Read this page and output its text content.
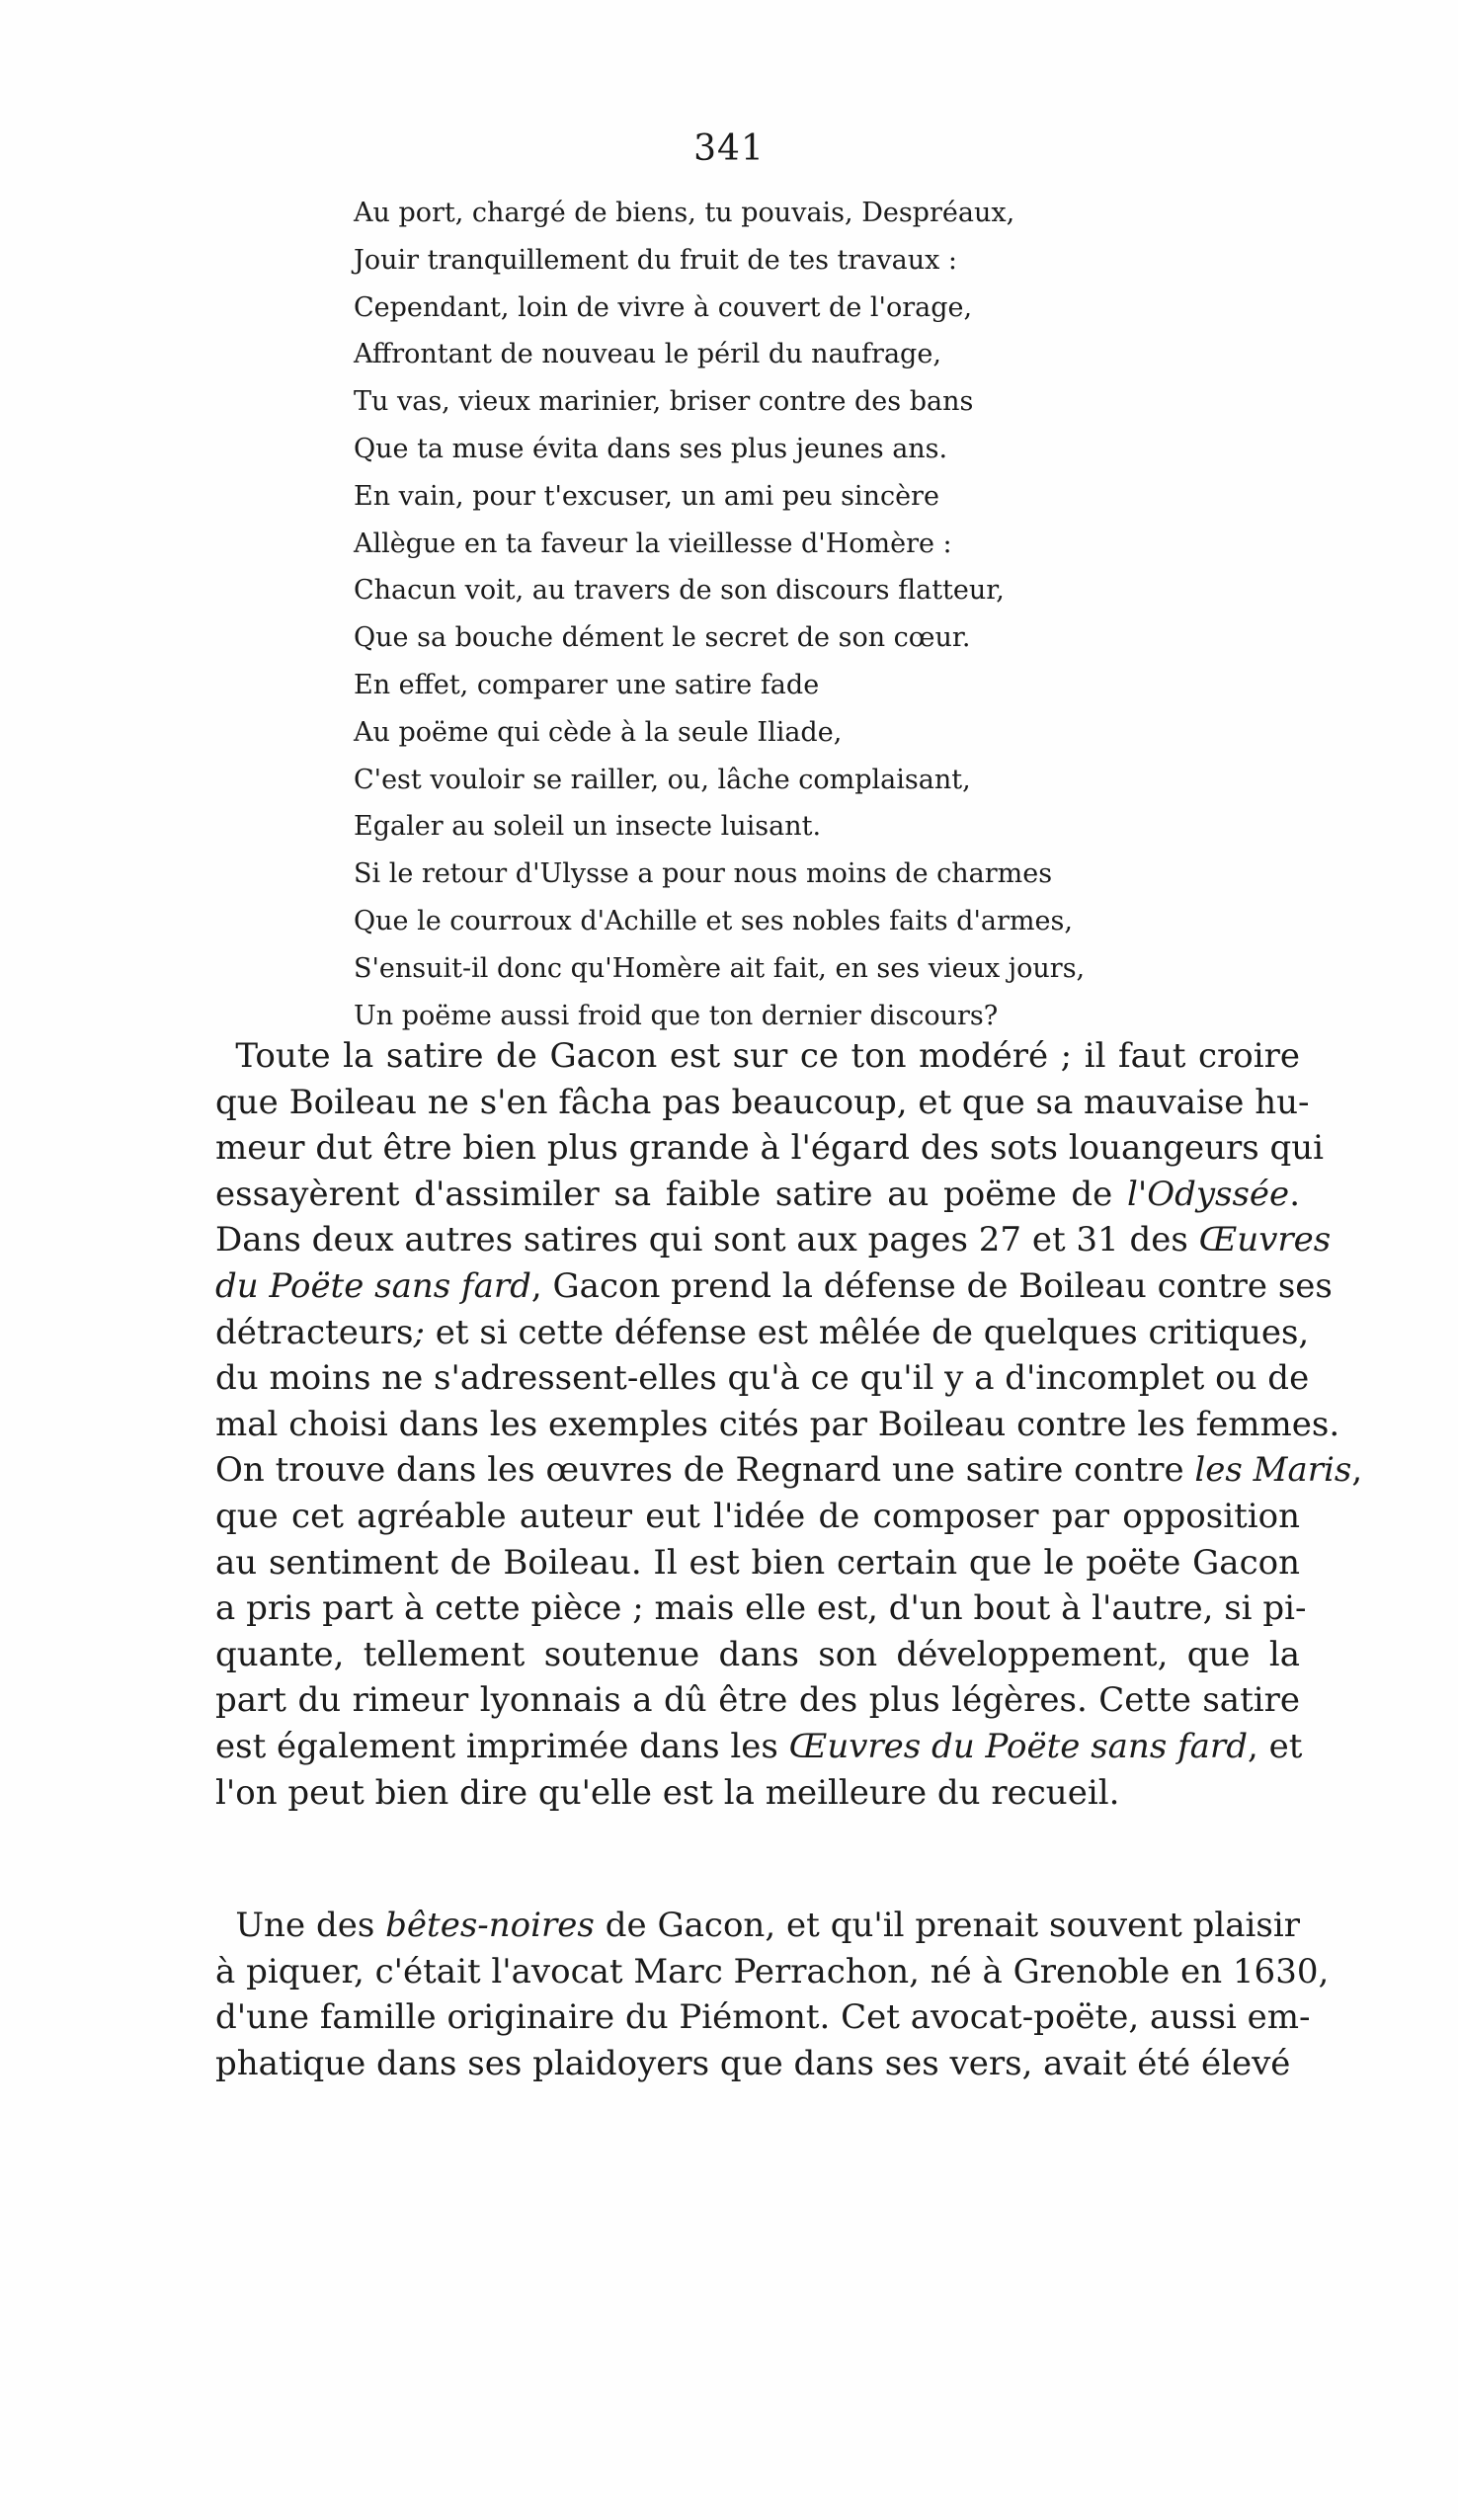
341
Au port, chargé de biens, tu pouvais, Despréaux,
Jouir tranquillement du fruit de tes travaux :
Cependant, loin de vivre à couvert de l'orage,
Affrontant de nouveau le péril du naufrage,
Tu vas, vieux marinier, briser contre des bans
Que ta muse évita dans ses plus jeunes ans.
En vain, pour t'excuser, un ami peu sincère
Allègue en ta faveur la vieillesse d'Homère :
Chacun voit, au travers de son discours flatteur,
Que sa bouche dément le secret de son cœur.
En effet, comparer une satire fade
Au poëme qui cède à la seule Iliade,
C'est vouloir se railler, ou, lâche complaisant,
Egaler au soleil un insecte luisant.
Si le retour d'Ulysse a pour nous moins de charmes
Que le courroux d'Achille et ses nobles faits d'armes,
S'ensuit-il donc qu'Homère ait fait, en ses vieux jours,
Un poëme aussi froid que ton dernier discours?
Toute la satire de Gacon est sur ce ton modéré ; il faut croire
que Boileau ne s'en fâcha pas beaucoup, et que sa mauvaise hu-
meur dut être bien plus grande à l'égard des sots louangeurs qui
essayèrent d'assimiler sa faible satire au poëme de l'Odyssée.
Dans deux autres satires qui sont aux pages 27 et 31 des Œuvres
du Poëte sans fard, Gacon prend la défense de Boileau contre ses
détracteurs; et si cette défense est mêlée de quelques critiques,
du moins ne s'adressent-elles qu'à ce qu'il y a d'incomplet ou de
mal choisi dans les exemples cités par Boileau contre les femmes.
On trouve dans les œuvres de Regnard une satire contre les Maris,
que cet agréable auteur eut l'idée de composer par opposition
au sentiment de Boileau. Il est bien certain que le poëte Gacon
a pris part à cette pièce ; mais elle est, d'un bout à l'autre, si pi-
quante, tellement soutenue dans son développement, que la
part du rimeur lyonnais a dû être des plus légères. Cette satire
est également imprimée dans les Œuvres du Poëte sans fard, et
l'on peut bien dire qu'elle est la meilleure du recueil.
Une des bêtes-noires de Gacon, et qu'il prenait souvent plaisir
à piquer, c'était l'avocat Marc Perrachon, né à Grenoble en 1630,
d'une famille originaire du Piémont. Cet avocat-poëte, aussi em-
phatique dans ses plaidoyers que dans ses vers, avait été élevé
